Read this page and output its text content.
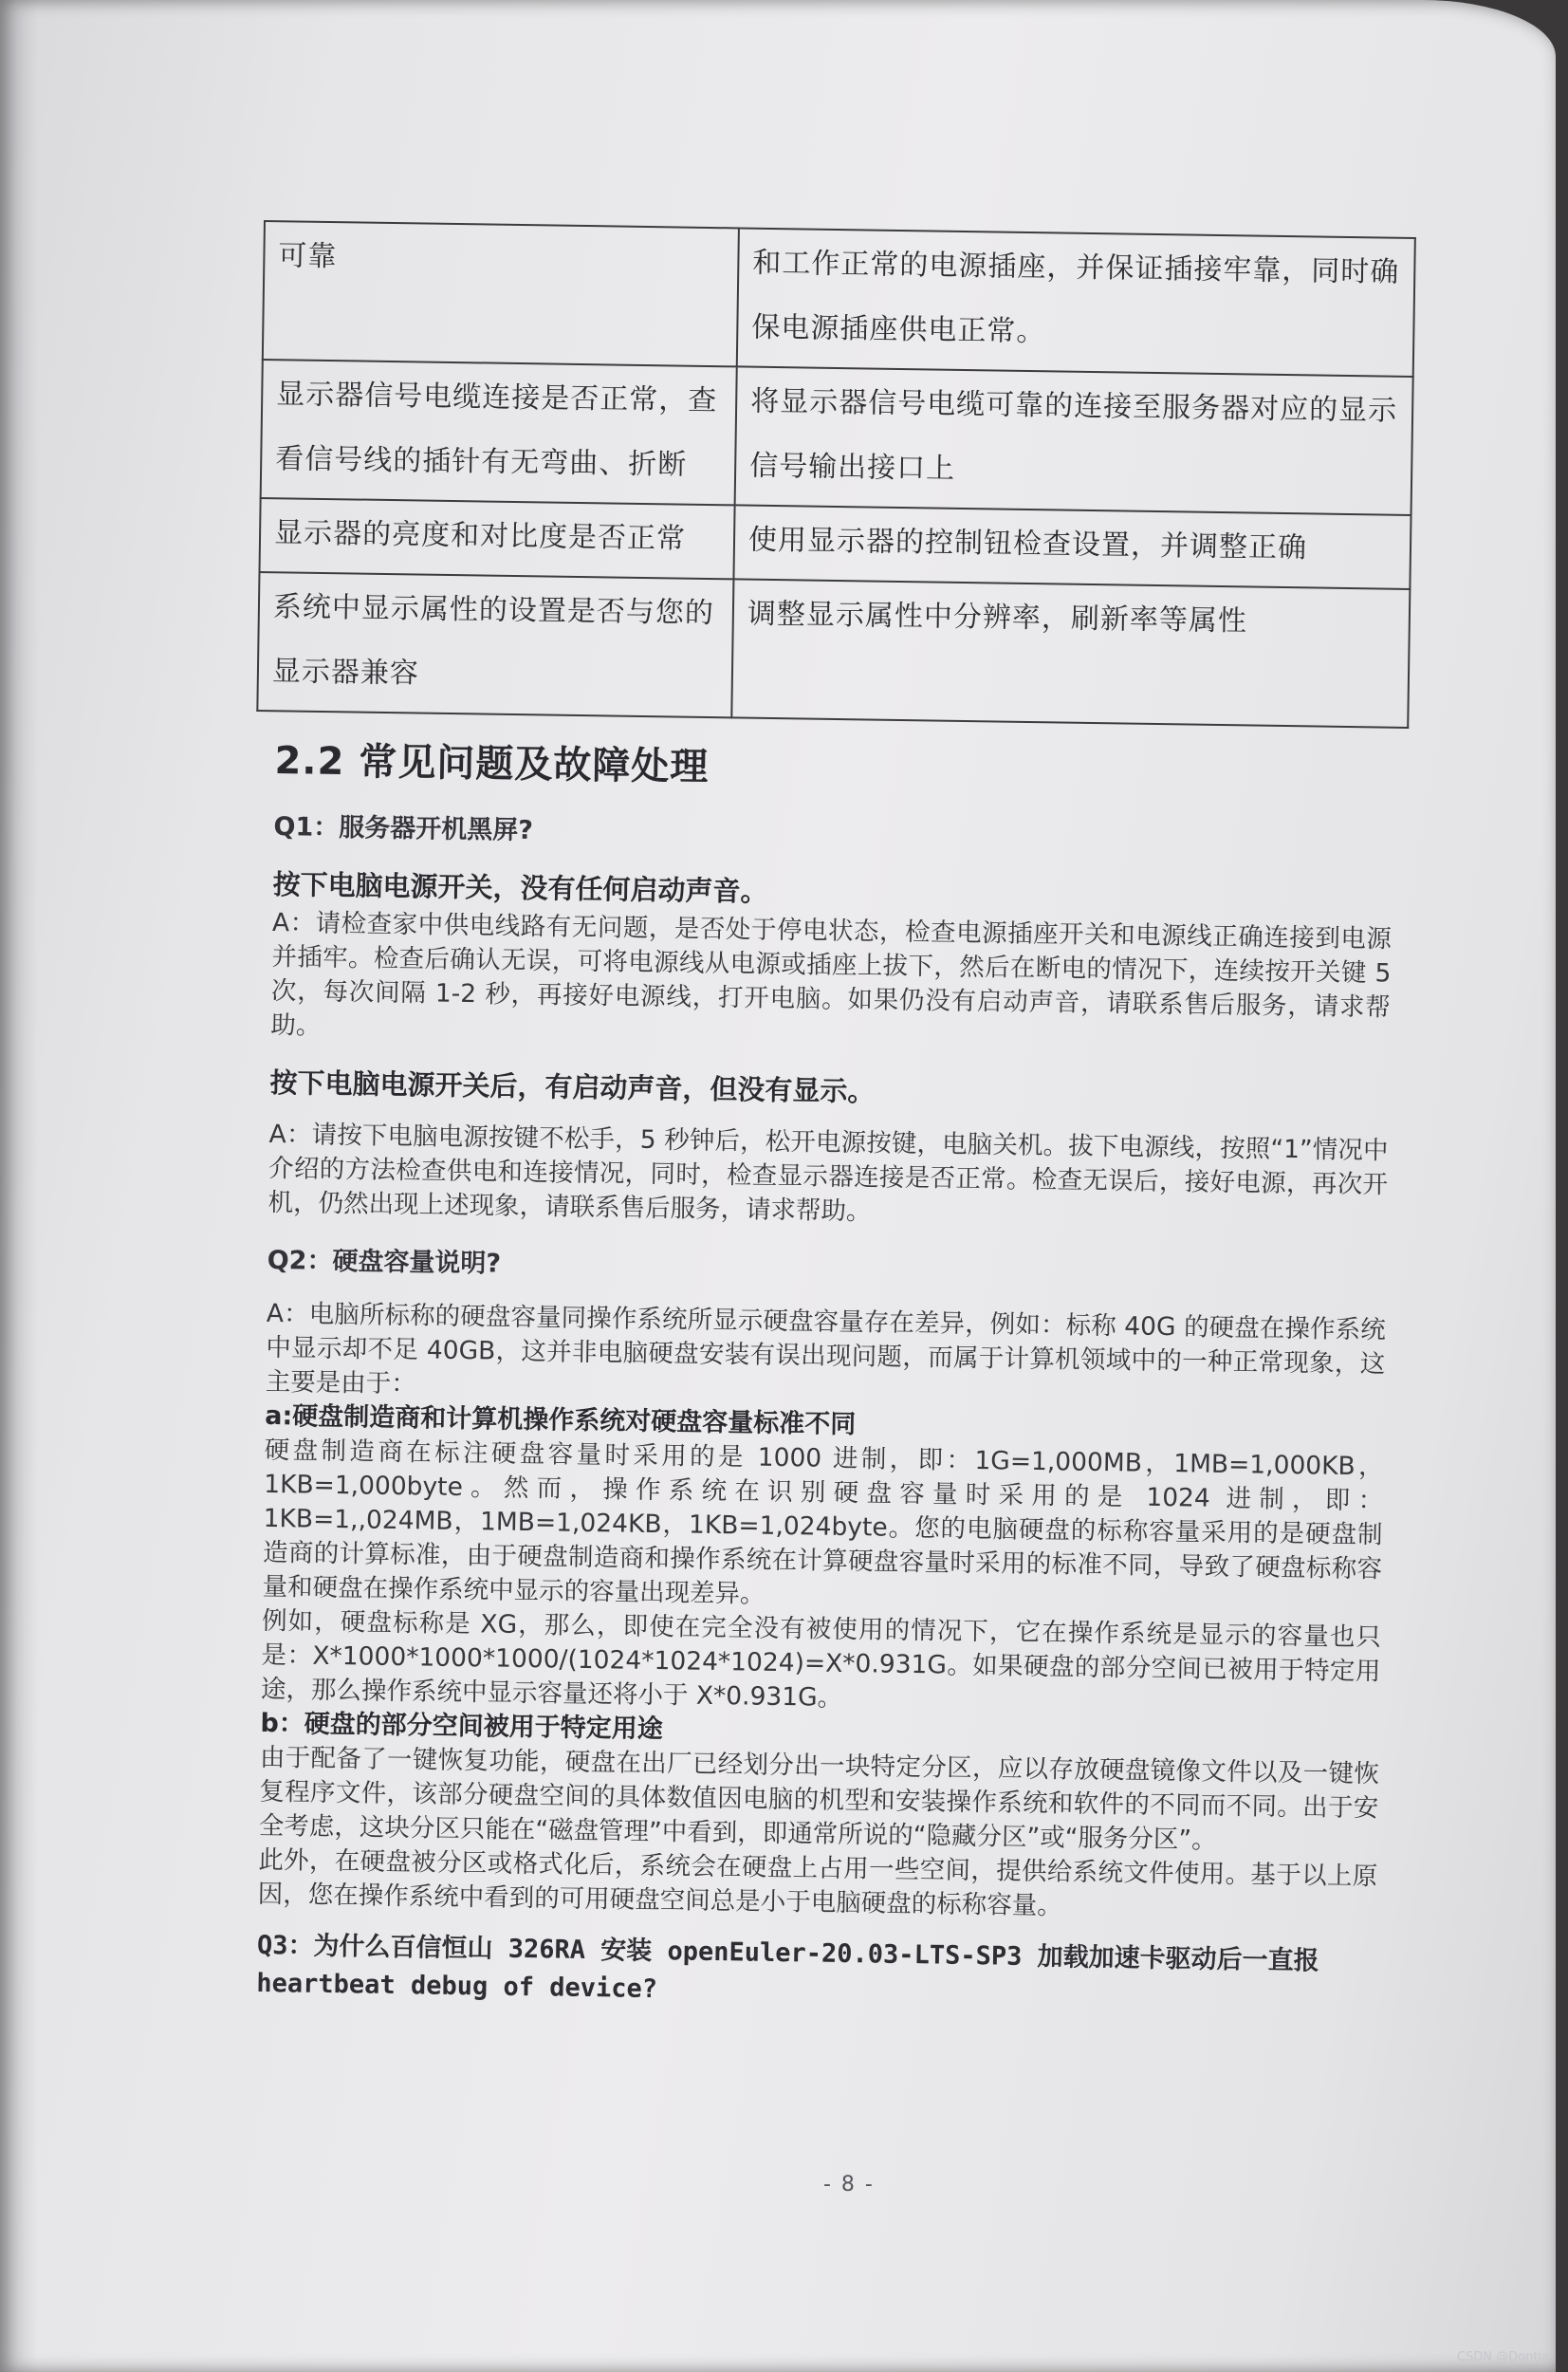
可靠	和工作正常的电源插座，并保证插接牢靠，同时确保电源插座供电正常。
显示器信号电缆连接是否正常，查看信号线的插针有无弯曲、折断	将显示器信号电缆可靠的连接至服务器对应的显示信号输出接口上
显示器的亮度和对比度是否正常	使用显示器的控制钮检查设置，并调整正确
系统中显示属性的设置是否与您的显示器兼容	调整显示属性中分辨率，刷新率等属性
2.2 常见问题及故障处理
Q1：服务器开机黑屏?
按下电脑电源开关，没有任何启动声音。
A：请检查家中供电线路有无问题，是否处于停电状态，检查电源插座开关和电源线正确连接到电源并插牢。检查后确认无误，可将电源线从电源或插座上拔下，然后在断电的情况下，连续按开关键 5 次，每次间隔 1-2 秒，再接好电源线，打开电脑。如果仍没有启动声音，请联系售后服务，请求帮助。
按下电脑电源开关后，有启动声音，但没有显示。
A：请按下电脑电源按键不松手，5 秒钟后，松开电源按键，电脑关机。拔下电源线，按照“1”情况中介绍的方法检查供电和连接情况，同时，检查显示器连接是否正常。检查无误后，接好电源，再次开机，仍然出现上述现象，请联系售后服务，请求帮助。
Q2：硬盘容量说明?
A：电脑所标称的硬盘容量同操作系统所显示硬盘容量存在差异，例如：标称 40G 的硬盘在操作系统中显示却不足 40GB，这并非电脑硬盘安装有误出现问题，而属于计算机领域中的一种正常现象，这主要是由于：
a:硬盘制造商和计算机操作系统对硬盘容量标准不同
硬盘制造商在标注硬盘容量时采用的是 1000 进制，即：1G=1,000MB，1MB=1,000KB，1KB=1,000byte。然而，操作系统在识别硬盘容量时采用的是 1024 进制，即：1KB=1,,024MB，1MB=1,024KB，1KB=1,024byte。您的电脑硬盘的标称容量采用的是硬盘制造商的计算标准，由于硬盘制造商和操作系统在计算硬盘容量时采用的标准不同，导致了硬盘标称容量和硬盘在操作系统中显示的容量出现差异。
例如，硬盘标称是 XG，那么，即使在完全没有被使用的情况下，它在操作系统是显示的容量也只是：X*1000*1000*1000/(1024*1024*1024)=X*0.931G。如果硬盘的部分空间已被用于特定用途，那么操作系统中显示容量还将小于 X*0.931G。
b：硬盘的部分空间被用于特定用途
由于配备了一键恢复功能，硬盘在出厂已经划分出一块特定分区，应以存放硬盘镜像文件以及一键恢复程序文件，该部分硬盘空间的具体数值因电脑的机型和安装操作系统和软件的不同而不同。出于安全考虑，这块分区只能在“磁盘管理”中看到，即通常所说的“隐藏分区”或“服务分区”。
此外，在硬盘被分区或格式化后，系统会在硬盘上占用一些空间，提供给系统文件使用。基于以上原因，您在操作系统中看到的可用硬盘空间总是小于电脑硬盘的标称容量。
Q3：为什么百信恒山 326RA 安装 openEuler-20.03-LTS-SP3 加载加速卡驱动后一直报 heartbeat debug of device?
- 8 -
CSDN @Dontla
